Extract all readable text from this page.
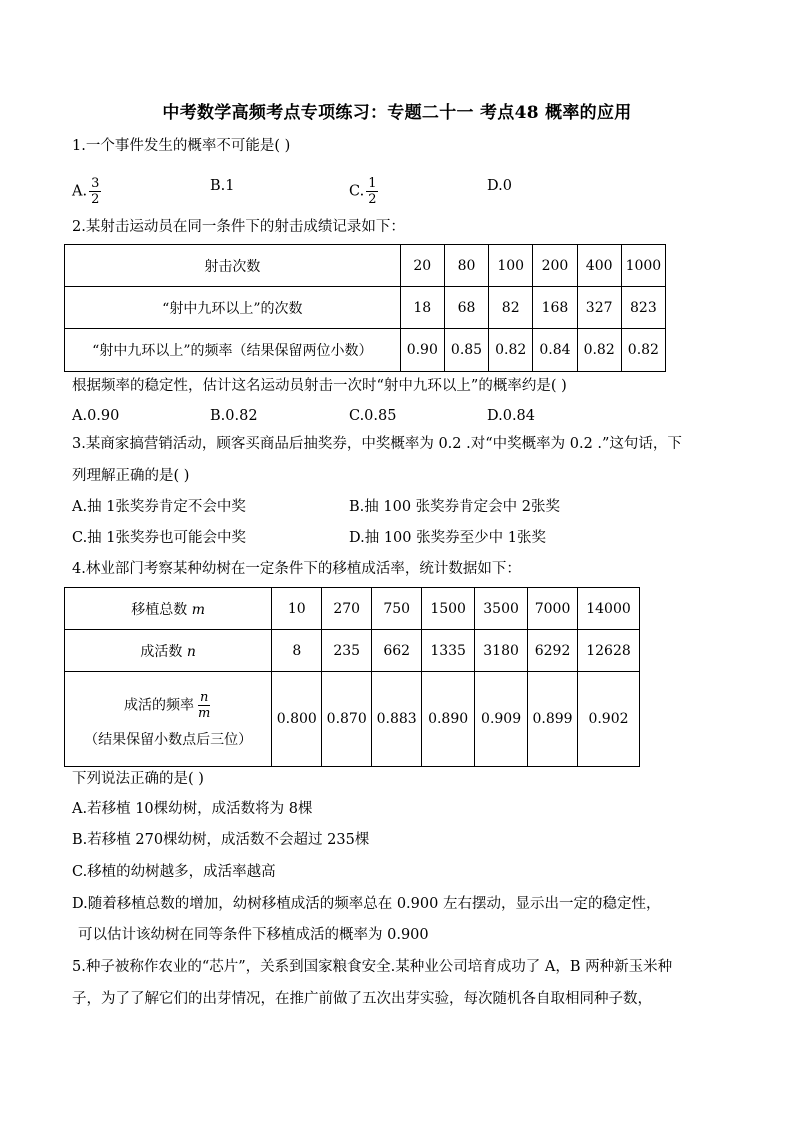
中考数学高频考点专项练习：专题二十一 考点48 概率的应用
1.一个事件发生的概率不可能是( )
A. $\frac{3}{2}$	B.1	C. $\frac{1}{2}$	D.0
2.某射击运动员在同一条件下的射击成绩记录如下：
射击次数	20	80	100	200	400	1000
“射中九环以上”的次数	18	68	82	168	327	823
“射中九环以上”的频率（结果保留两位小数）	0.90	0.85	0.82	0.84	0.82	0.82
根据频率的稳定性，估计这名运动员射击一次时“射中九环以上”的概率约是( )
A.0.90	B.0.82	C.0.85	D.0.84
3.某商家搞营销活动，顾客买商品后抽奖券，中奖概率为 0.2 .对“中奖概率为 0.2 .”这句话，下
列理解正确的是( )
A.抽 1张奖券肯定不会中奖	B.抽 100 张奖券肯定会中 2张奖
C.抽 1张奖券也可能会中奖	D.抽 100 张奖券至少中 1张奖
4.林业部门考察某种幼树在一定条件下的移植成活率，统计数据如下：
移植总数 m	10	270	750	1500	3500	7000	14000
成活数 n	8	235	662	1335	3180	6292	12628

成活的频率 $\frac{n}{m}$
（结果保留小数点后三位）	0.800	0.870	0.883	0.890	0.909	0.899	0.902
下列说法正确的是( )
A.若移植 10棵幼树，成活数将为 8棵
B.若移植 270棵幼树，成活数不会超过 235棵
C.移植的幼树越多，成活率越高
D.随着移植总数的增加，幼树移植成活的频率总在 0.900 左右摆动，显示出一定的稳定性，
可以估计该幼树在同等条件下移植成活的概率为 0.900
5.种子被称作农业的“芯片”，关系到国家粮食安全.某种业公司培育成功了 A，B 两种新玉米种
子，为了了解它们的出芽情况，在推广前做了五次出芽实验，每次随机各自取相同种子数，
